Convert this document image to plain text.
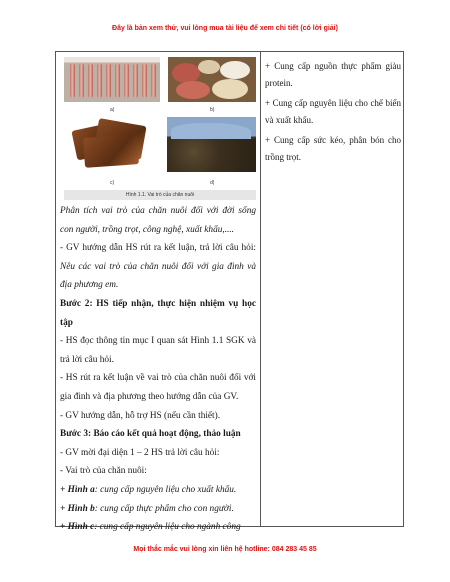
Đây là bản xem thử, vui lòng mua tài liệu để xem chi tiết (có lời giải)
a)	b)
c)	d)
Hình 1.1. Vai trò của chăn nuôi

Phân tích vai trò của chăn nuôi đối với đời sống con người, trồng trọt, công nghệ, xuất khẩu,....

- GV hướng dẫn HS rút ra kết luận, trả lời câu hỏi: Nêu các vai trò của chăn nuôi đối với gia đình và địa phương em.

Bước 2: HS tiếp nhận, thực hiện nhiệm vụ học tập

- HS đọc thông tin mục I quan sát Hình 1.1 SGK và trả lời câu hỏi.

- HS rút ra kết luận về vai trò của chăn nuôi đối với gia đình và địa phương theo hướng dẫn của GV.

- GV hướng dẫn, hỗ trợ HS (nếu cần thiết).

Bước 3: Báo cáo kết quả hoạt động, thảo luận

- GV mời đại diện 1 – 2 HS trả lời câu hỏi:

- Vai trò của chăn nuôi:

+ Hình a: cung cấp nguyên liệu cho xuất khẩu.

+ Hình b: cung cấp thực phẩm cho con người.

+ Hình c: cung cấp nguyên liệu cho ngành công

+ Cung cấp nguồn thực phẩm giàu protein.

+ Cung cấp nguyên liệu cho chế biến và xuất khẩu.

+ Cung cấp sức kéo, phân bón cho trồng trọt.

Mọi thắc mắc vui lòng xin liên hệ hotline: 084 283 45 85
